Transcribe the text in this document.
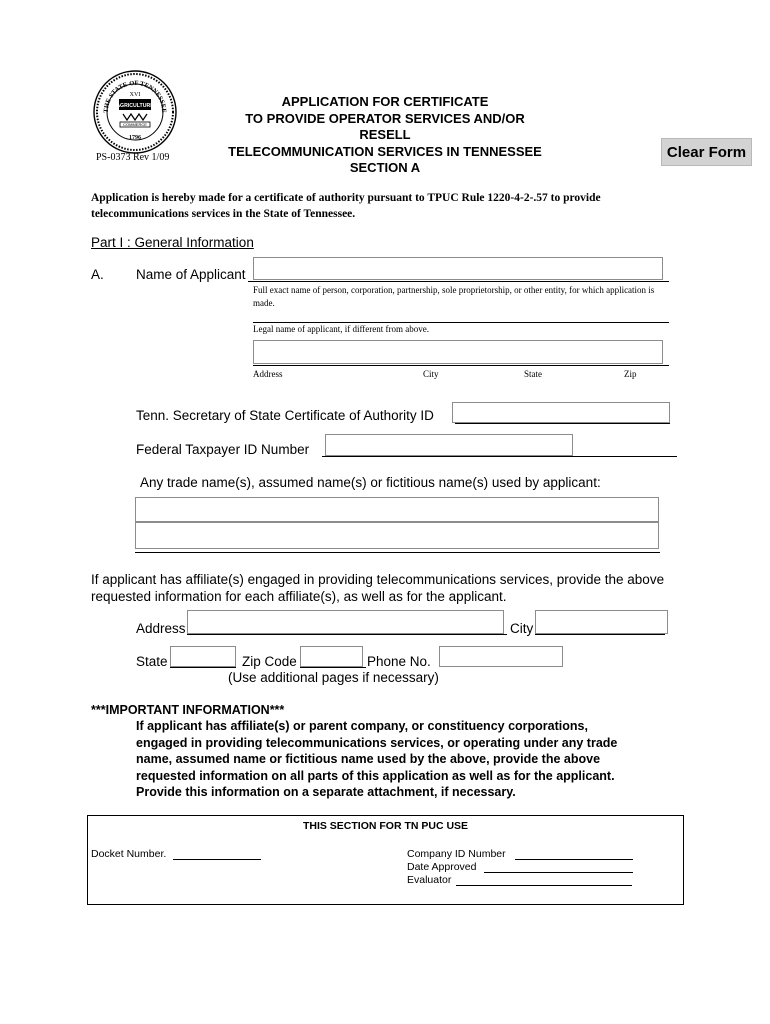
THE STATE OF TENNESSEE
XVI
AGRICULTURE
COMMERCE
1796
PS-0373 Rev 1/09
APPLICATION FOR CERTIFICATE
TO PROVIDE OPERATOR SERVICES AND/OR
RESELL
TELECOMMUNICATION SERVICES IN TENNESSEE
SECTION A
Clear Form
Application is hereby made for a certificate of authority pursuant to TPUC Rule 1220-4-2-.57 to provide telecommunications services in the State of Tennessee.
Part I : General Information
A. Name of Applicant
Full exact name of person, corporation, partnership, sole proprietorship, or other entity, for which application is made.
Legal name of applicant, if different from above.
Address	City	State	Zip
Tenn. Secretary of State Certificate of Authority ID
Federal Taxpayer ID Number
Any trade name(s), assumed name(s) or fictitious name(s) used by applicant:
If applicant has affiliate(s) engaged in providing telecommunications services, provide the above
requested information for each affiliate(s), as well as for the applicant.
Address	City
State	Zip Code	Phone No.
(Use additional pages if necessary)
***IMPORTANT INFORMATION***
If applicant has affiliate(s) or parent company, or constituency corporations,
engaged in providing telecommunications services, or operating under any trade
name, assumed name or fictitious name used by the above, provide the above
requested information on all parts of this application as well as for the applicant.
Provide this information on a separate attachment, if necessary.
THIS SECTION FOR TN PUC USE
Docket Number.	Company ID Number
Date Approved
Evaluator
